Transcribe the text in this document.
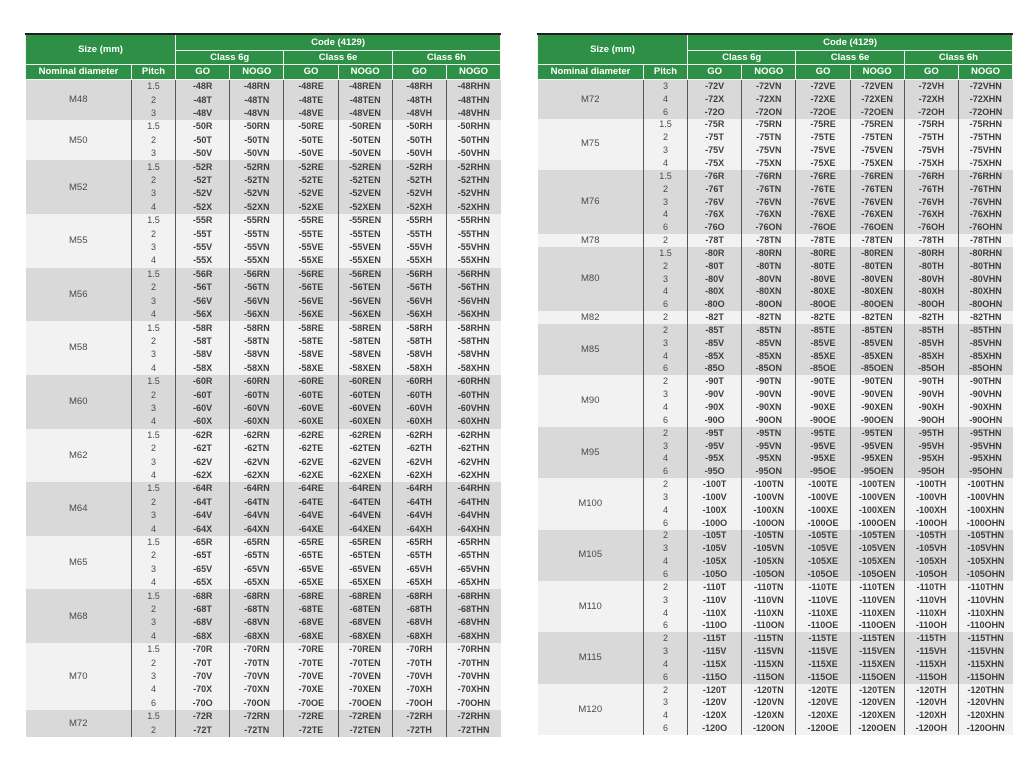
Size (mm)		Code (4129)					
		Class 6g		Class 6e		Class 6h	
Nominal diameter	Pitch	GO	NOGO	GO	NOGO	GO	NOGO
M48	1.5	-48R	-48RN	-48RE	-48REN	-48RH	-48RHN
	2	-48T	-48TN	-48TE	-48TEN	-48TH	-48THN
	3	-48V	-48VN	-48VE	-48VEN	-48VH	-48VHN
M50	1.5	-50R	-50RN	-50RE	-50REN	-50RH	-50RHN
	2	-50T	-50TN	-50TE	-50TEN	-50TH	-50THN
	3	-50V	-50VN	-50VE	-50VEN	-50VH	-50VHN
M52	1.5	-52R	-52RN	-52RE	-52REN	-52RH	-52RHN
	2	-52T	-52TN	-52TE	-52TEN	-52TH	-52THN
	3	-52V	-52VN	-52VE	-52VEN	-52VH	-52VHN
	4	-52X	-52XN	-52XE	-52XEN	-52XH	-52XHN
M55	1.5	-55R	-55RN	-55RE	-55REN	-55RH	-55RHN
	2	-55T	-55TN	-55TE	-55TEN	-55TH	-55THN
	3	-55V	-55VN	-55VE	-55VEN	-55VH	-55VHN
	4	-55X	-55XN	-55XE	-55XEN	-55XH	-55XHN
M56	1.5	-56R	-56RN	-56RE	-56REN	-56RH	-56RHN
	2	-56T	-56TN	-56TE	-56TEN	-56TH	-56THN
	3	-56V	-56VN	-56VE	-56VEN	-56VH	-56VHN
	4	-56X	-56XN	-56XE	-56XEN	-56XH	-56XHN
M58	1.5	-58R	-58RN	-58RE	-58REN	-58RH	-58RHN
	2	-58T	-58TN	-58TE	-58TEN	-58TH	-58THN
	3	-58V	-58VN	-58VE	-58VEN	-58VH	-58VHN
	4	-58X	-58XN	-58XE	-58XEN	-58XH	-58XHN
M60	1.5	-60R	-60RN	-60RE	-60REN	-60RH	-60RHN
	2	-60T	-60TN	-60TE	-60TEN	-60TH	-60THN
	3	-60V	-60VN	-60VE	-60VEN	-60VH	-60VHN
	4	-60X	-60XN	-60XE	-60XEN	-60XH	-60XHN
M62	1.5	-62R	-62RN	-62RE	-62REN	-62RH	-62RHN
	2	-62T	-62TN	-62TE	-62TEN	-62TH	-62THN
	3	-62V	-62VN	-62VE	-62VEN	-62VH	-62VHN
	4	-62X	-62XN	-62XE	-62XEN	-62XH	-62XHN
M64	1.5	-64R	-64RN	-64RE	-64REN	-64RH	-64RHN
	2	-64T	-64TN	-64TE	-64TEN	-64TH	-64THN
	3	-64V	-64VN	-64VE	-64VEN	-64VH	-64VHN
	4	-64X	-64XN	-64XE	-64XEN	-64XH	-64XHN
M65	1.5	-65R	-65RN	-65RE	-65REN	-65RH	-65RHN
	2	-65T	-65TN	-65TE	-65TEN	-65TH	-65THN
	3	-65V	-65VN	-65VE	-65VEN	-65VH	-65VHN
	4	-65X	-65XN	-65XE	-65XEN	-65XH	-65XHN
M68	1.5	-68R	-68RN	-68RE	-68REN	-68RH	-68RHN
	2	-68T	-68TN	-68TE	-68TEN	-68TH	-68THN
	3	-68V	-68VN	-68VE	-68VEN	-68VH	-68VHN
	4	-68X	-68XN	-68XE	-68XEN	-68XH	-68XHN
M70	1.5	-70R	-70RN	-70RE	-70REN	-70RH	-70RHN
	2	-70T	-70TN	-70TE	-70TEN	-70TH	-70THN
	3	-70V	-70VN	-70VE	-70VEN	-70VH	-70VHN
	4	-70X	-70XN	-70XE	-70XEN	-70XH	-70XHN
	6	-70O	-70ON	-70OE	-70OEN	-70OH	-70OHN
M72	1.5	-72R	-72RN	-72RE	-72REN	-72RH	-72RHN
	2	-72T	-72TN	-72TE	-72TEN	-72TH	-72THN
Size (mm)		Code (4129)					
		Class 6g		Class 6e		Class 6h	
Nominal diameter	Pitch	GO	NOGO	GO	NOGO	GO	NOGO
M72	3	-72V	-72VN	-72VE	-72VEN	-72VH	-72VHN
	4	-72X	-72XN	-72XE	-72XEN	-72XH	-72XHN
	6	-72O	-72ON	-72OE	-72OEN	-72OH	-72OHN
M75	1.5	-75R	-75RN	-75RE	-75REN	-75RH	-75RHN
	2	-75T	-75TN	-75TE	-75TEN	-75TH	-75THN
	3	-75V	-75VN	-75VE	-75VEN	-75VH	-75VHN
	4	-75X	-75XN	-75XE	-75XEN	-75XH	-75XHN
M76	1.5	-76R	-76RN	-76RE	-76REN	-76RH	-76RHN
	2	-76T	-76TN	-76TE	-76TEN	-76TH	-76THN
	3	-76V	-76VN	-76VE	-76VEN	-76VH	-76VHN
	4	-76X	-76XN	-76XE	-76XEN	-76XH	-76XHN
	6	-76O	-76ON	-76OE	-76OEN	-76OH	-76OHN
M78	2	-78T	-78TN	-78TE	-78TEN	-78TH	-78THN
M80	1.5	-80R	-80RN	-80RE	-80REN	-80RH	-80RHN
	2	-80T	-80TN	-80TE	-80TEN	-80TH	-80THN
	3	-80V	-80VN	-80VE	-80VEN	-80VH	-80VHN
	4	-80X	-80XN	-80XE	-80XEN	-80XH	-80XHN
	6	-80O	-80ON	-80OE	-80OEN	-80OH	-80OHN
M82	2	-82T	-82TN	-82TE	-82TEN	-82TH	-82THN
M85	2	-85T	-85TN	-85TE	-85TEN	-85TH	-85THN
	3	-85V	-85VN	-85VE	-85VEN	-85VH	-85VHN
	4	-85X	-85XN	-85XE	-85XEN	-85XH	-85XHN
	6	-85O	-85ON	-85OE	-85OEN	-85OH	-85OHN
M90	2	-90T	-90TN	-90TE	-90TEN	-90TH	-90THN
	3	-90V	-90VN	-90VE	-90VEN	-90VH	-90VHN
	4	-90X	-90XN	-90XE	-90XEN	-90XH	-90XHN
	6	-90O	-90ON	-90OE	-90OEN	-90OH	-90OHN
M95	2	-95T	-95TN	-95TE	-95TEN	-95TH	-95THN
	3	-95V	-95VN	-95VE	-95VEN	-95VH	-95VHN
	4	-95X	-95XN	-95XE	-95XEN	-95XH	-95XHN
	6	-95O	-95ON	-95OE	-95OEN	-95OH	-95OHN
M100	2	-100T	-100TN	-100TE	-100TEN	-100TH	-100THN
	3	-100V	-100VN	-100VE	-100VEN	-100VH	-100VHN
	4	-100X	-100XN	-100XE	-100XEN	-100XH	-100XHN
	6	-100O	-100ON	-100OE	-100OEN	-100OH	-100OHN
M105	2	-105T	-105TN	-105TE	-105TEN	-105TH	-105THN
	3	-105V	-105VN	-105VE	-105VEN	-105VH	-105VHN
	4	-105X	-105XN	-105XE	-105XEN	-105XH	-105XHN
	6	-105O	-105ON	-105OE	-105OEN	-105OH	-105OHN
M110	2	-110T	-110TN	-110TE	-110TEN	-110TH	-110THN
	3	-110V	-110VN	-110VE	-110VEN	-110VH	-110VHN
	4	-110X	-110XN	-110XE	-110XEN	-110XH	-110XHN
	6	-110O	-110ON	-110OE	-110OEN	-110OH	-110OHN
M115	2	-115T	-115TN	-115TE	-115TEN	-115TH	-115THN
	3	-115V	-115VN	-115VE	-115VEN	-115VH	-115VHN
	4	-115X	-115XN	-115XE	-115XEN	-115XH	-115XHN
	6	-115O	-115ON	-115OE	-115OEN	-115OH	-115OHN
M120	2	-120T	-120TN	-120TE	-120TEN	-120TH	-120THN
	3	-120V	-120VN	-120VE	-120VEN	-120VH	-120VHN
	4	-120X	-120XN	-120XE	-120XEN	-120XH	-120XHN
	6	-120O	-120ON	-120OE	-120OEN	-120OH	-120OHN
